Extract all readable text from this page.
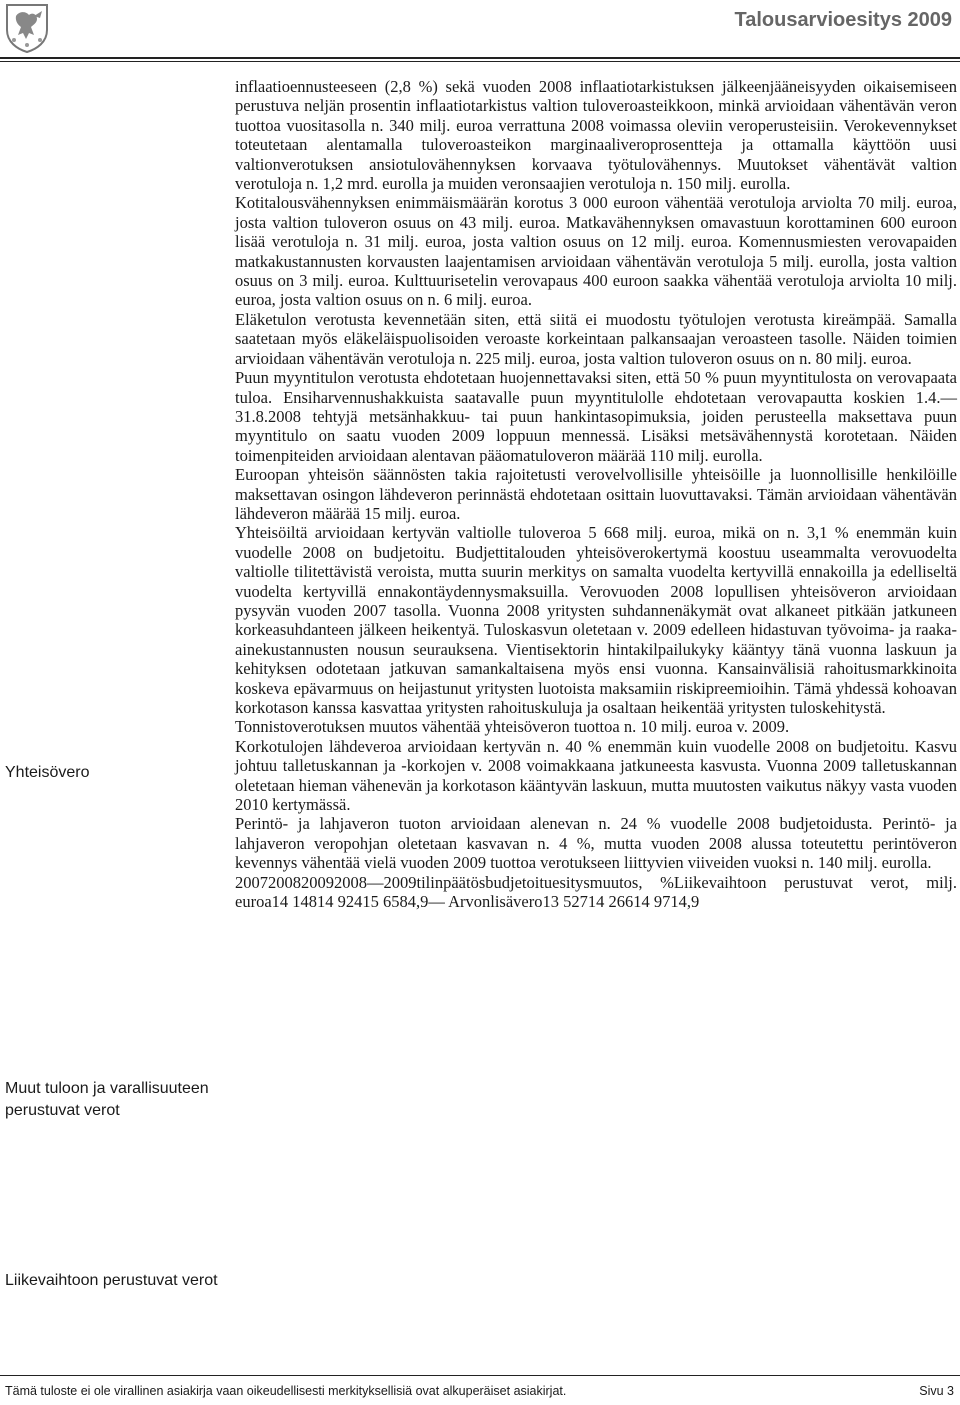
Talousarvioesitys 2009
Yhteisövero
Muut tuloon ja varallisuuteen perustuvat verot
Liikevaihtoon perustuvat verot

inflaatioennusteeseen (2,8 %) sekä vuoden 2008 inflaatiotarkistuksen jälkeenjääneisyyden oikaisemiseen perustuva neljän prosentin inflaatiotarkistus valtion tuloveroasteikkoon, minkä arvioidaan vähentävän veron tuottoa vuositasolla n. 340 milj. euroa verrattuna 2008 voimassa oleviin veroperusteisiin. Verokevennykset toteutetaan alentamalla tuloveroasteikon marginaaliveroprosentteja ja ottamalla käyttöön uusi valtionverotuksen ansiotulovähennyksen korvaava työtulovähennys. Muutokset vähentävät valtion verotuloja n. 1,2 mrd. eurolla ja muiden veronsaajien verotuloja n. 150 milj. eurolla.

Kotitalousvähennyksen enimmäismäärän korotus 3 000 euroon vähentää verotuloja arviolta 70 milj. euroa, josta valtion tuloveron osuus on 43 milj. euroa. Matkavähennyksen omavastuun korottaminen 600 euroon lisää verotuloja n. 31 milj. euroa, josta valtion osuus on 12 milj. euroa. Komennusmiesten verovapaiden matkakustannusten korvausten laajentamisen arvioidaan vähentävän verotuloja 5 milj. eurolla, josta valtion osuus on 3 milj. euroa. Kulttuurisetelin verovapaus 400 euroon saakka vähentää verotuloja arviolta 10 milj. euroa, josta valtion osuus on n. 6 milj. euroa.

Eläketulon verotusta kevennetään siten, että siitä ei muodostu työtulojen verotusta kireämpää. Samalla saatetaan myös eläkeläispuolisoiden veroaste korkeintaan palkansaajan veroasteen tasolle. Näiden toimien arvioidaan vähentävän verotuloja n. 225 milj. euroa, josta valtion tuloveron osuus on n. 80 milj. euroa.

Puun myyntitulon verotusta ehdotetaan huojennettavaksi siten, että 50 % puun myyntitulosta on verovapaata tuloa. Ensiharvennushakkuista saatavalle puun myyntitulolle ehdotetaan verovapautta koskien 1.4.—31.8.2008 tehtyjä metsänhakkuu- tai puun hankintasopimuksia, joiden perusteella maksettava puun myyntitulo on saatu vuoden 2009 loppuun mennessä. Lisäksi metsävähennystä korotetaan. Näiden toimenpiteiden arvioidaan alentavan pääomatuloveron määrää 110 milj. eurolla.

Euroopan yhteisön säännösten takia rajoitetusti verovelvollisille yhteisöille ja luonnollisille henkilöille maksettavan osingon lähdeveron perinnästä ehdotetaan osittain luovuttavaksi. Tämän arvioidaan vähentävän lähdeveron määrää 15 milj. euroa.

Yhteisöiltä arvioidaan kertyvän valtiolle tuloveroa 5 668 milj. euroa, mikä on n. 3,1 % enemmän kuin vuodelle 2008 on budjetoitu. Budjettitalouden yhteisöverokertymä koostuu useammalta verovuodelta valtiolle tilitettävistä veroista, mutta suurin merkitys on samalta vuodelta kertyvillä ennakoilla ja edelliseltä vuodelta kertyvillä ennakontäydennysmaksuilla. Verovuoden 2008 lopullisen yhteisöveron arvioidaan pysyvän vuoden 2007 tasolla. Vuonna 2008 yritysten suhdannenäkymät ovat alkaneet pitkään jatkuneen korkeasuhdanteen jälkeen heikentyä. Tuloskasvun oletetaan v. 2009 edelleen hidastuvan työvoima- ja raaka-ainekustannusten nousun seurauksena. Vientisektorin hintakilpailukyky kääntyy tänä vuonna laskuun ja kehityksen odotetaan jatkuvan samankaltaisena myös ensi vuonna. Kansainvälisiä rahoitusmarkkinoita koskeva epävarmuus on heijastunut yritysten luotoista maksamiin riskipreemioihin. Tämä yhdessä kohoavan korkotason kanssa kasvattaa yritysten rahoituskuluja ja osaltaan heikentää yritysten tuloskehitystä.

Tonnistoverotuksen muutos vähentää yhteisöveron tuottoa n. 10 milj. euroa v. 2009.

Korkotulojen lähdeveroa arvioidaan kertyvän n. 40 % enemmän kuin vuodelle 2008 on budjetoitu. Kasvu johtuu talletuskannan ja -korkojen v. 2008 voimakkaana jatkuneesta kasvusta. Vuonna 2009 talletuskannan oletetaan hieman vähenevän ja korkotason kääntyvän laskuun, mutta muutosten vaikutus näkyy vasta vuoden 2010 kertymässä.

Perintö- ja lahjaveron tuoton arvioidaan alenevan n. 24 % vuodelle 2008 budjetoidusta. Perintö- ja lahjaveron veropohjan oletetaan kasvavan n. 4 %, mutta vuoden 2008 alussa toteutettu perintöveron kevennys vähentää vielä vuoden 2009 tuottoa verotukseen liittyvien viiveiden vuoksi n. 140 milj. eurolla.

2007200820092008—2009tilinpäätösbudjetoituesitysmuutos, %Liikevaihtoon perustuvat verot, milj. euroa14 14814 92415 6584,9— Arvonlisävero13 52714 26614 9714,9

Tämä tuloste ei ole virallinen asiakirja vaan oikeudellisesti merkityksellisiä ovat alkuperäiset asiakirjat.	Sivu 3
